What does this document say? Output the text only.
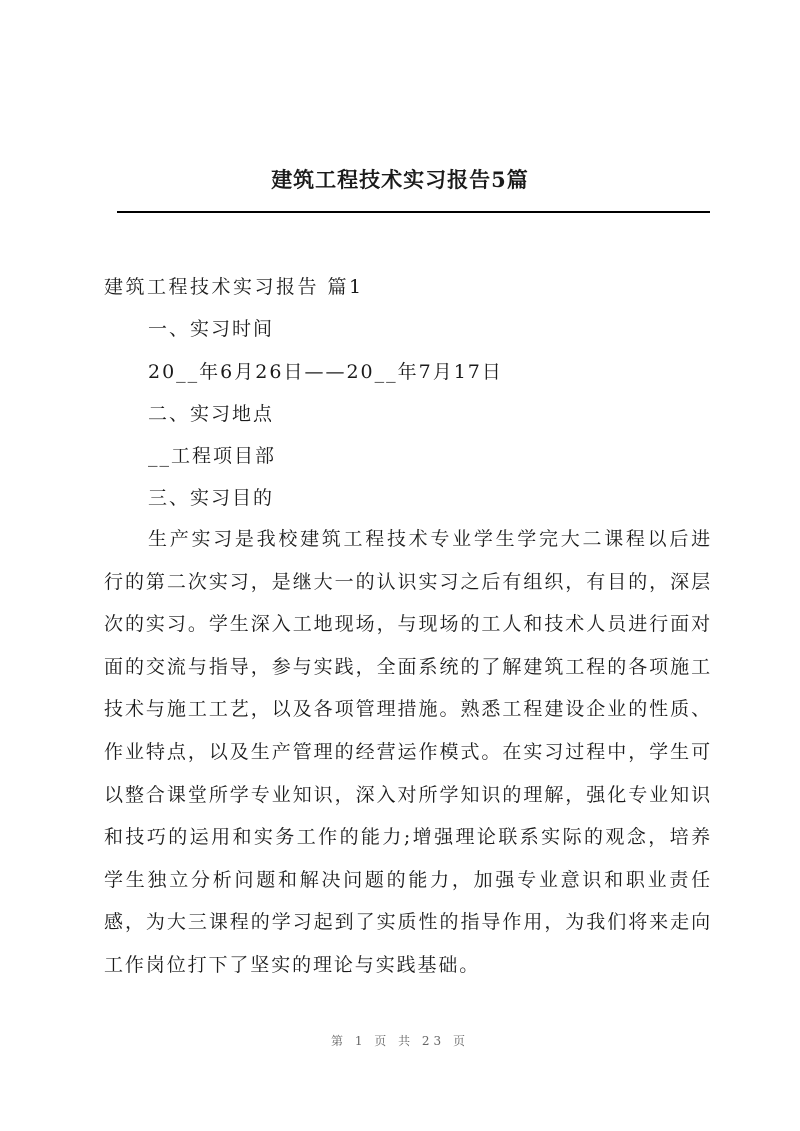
建筑工程技术实习报告5篇
建筑工程技术实习报告 篇1
一、实习时间
20__年6月26日——20__年7月17日
二、实习地点
__工程项目部
三、实习目的
生产实习是我校建筑工程技术专业学生学完大二课程以后进行的第二次实习，是继大一的认识实习之后有组织，有目的，深层次的实习。学生深入工地现场，与现场的工人和技术人员进行面对面的交流与指导，参与实践，全面系统的了解建筑工程的各项施工技术与施工工艺，以及各项管理措施。熟悉工程建设企业的性质、作业特点，以及生产管理的经营运作模式。在实习过程中，学生可以整合课堂所学专业知识，深入对所学知识的理解，强化专业知识和技巧的运用和实务工作的能力;增强理论联系实际的观念，培养学生独立分析问题和解决问题的能力，加强专业意识和职业责任感，为大三课程的学习起到了实质性的指导作用，为我们将来走向工作岗位打下了坚实的理论与实践基础。
第 1 页 共 23 页
